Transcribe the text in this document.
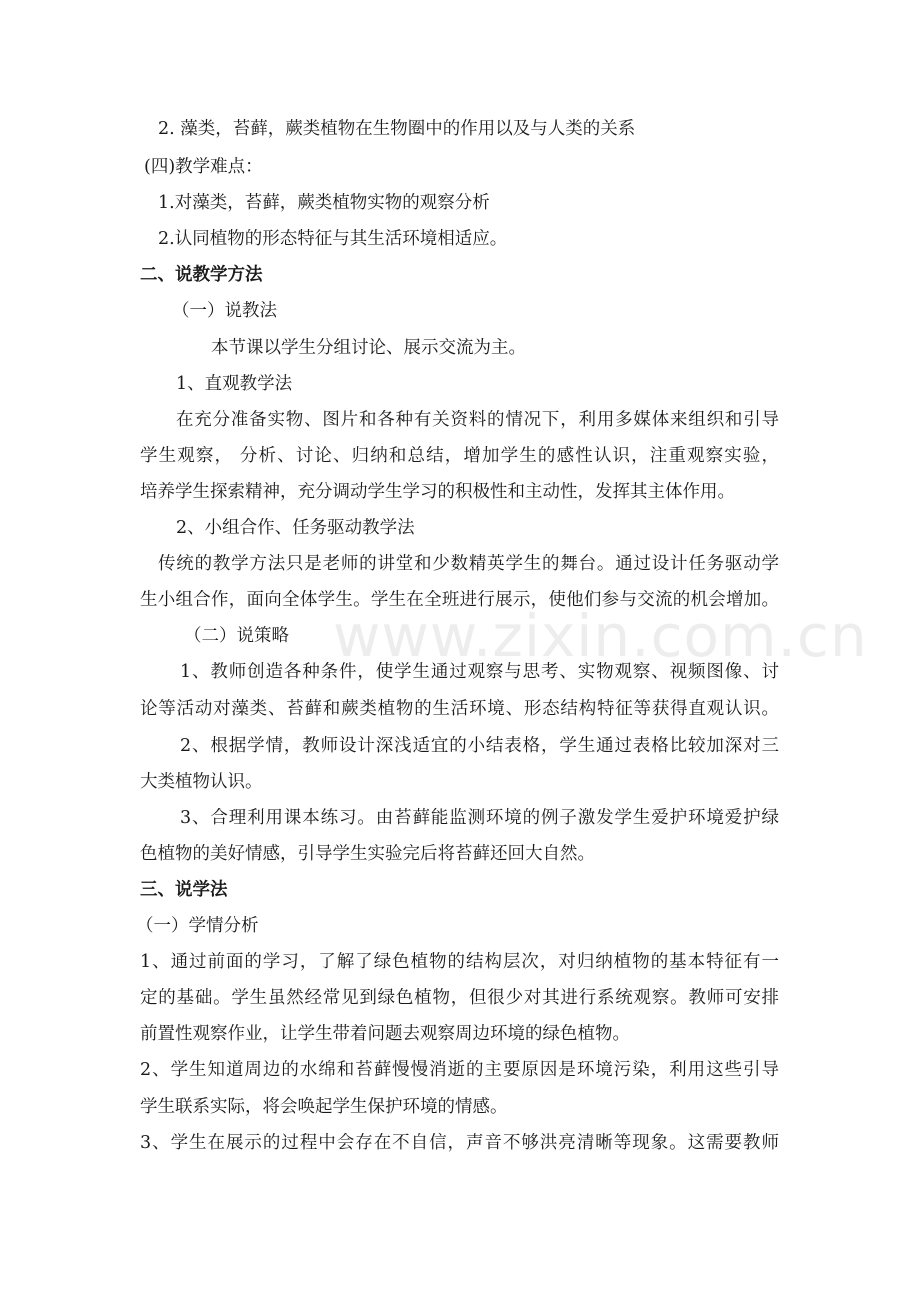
www.zixin.com.cn

2. 藻类，苔藓，蕨类植物在生物圈中的作用以及与人类的关系

(四)教学难点：

1.对藻类，苔藓，蕨类植物实物的观察分析

2.认同植物的形态特征与其生活环境相适应。

二、说教学方法

（一）说教法

本节课以学生分组讨论、展示交流为主。

1、直观教学法

在充分准备实物、图片和各种有关资料的情况下，利用多媒体来组织和引导

学生观察， 分析、讨论、归纳和总结，增加学生的感性认识，注重观察实验，

培养学生探索精神，充分调动学生学习的积极性和主动性，发挥其主体作用。

2、小组合作、任务驱动教学法

传统的教学方法只是老师的讲堂和少数精英学生的舞台。通过设计任务驱动学

生小组合作，面向全体学生。学生在全班进行展示，使他们参与交流的机会增加。

（二）说策略

1、教师创造各种条件，使学生通过观察与思考、实物观察、视频图像、讨

论等活动对藻类、苔藓和蕨类植物的生活环境、形态结构特征等获得直观认识。

2、根据学情，教师设计深浅适宜的小结表格，学生通过表格比较加深对三

大类植物认识。

3、合理利用课本练习。由苔藓能监测环境的例子激发学生爱护环境爱护绿

色植物的美好情感，引导学生实验完后将苔藓还回大自然。

三、说学法

（一）学情分析

1、通过前面的学习，了解了绿色植物的结构层次，对归纳植物的基本特征有一

定的基础。学生虽然经常见到绿色植物，但很少对其进行系统观察。教师可安排

前置性观察作业，让学生带着问题去观察周边环境的绿色植物。

2、学生知道周边的水绵和苔藓慢慢消逝的主要原因是环境污染，利用这些引导

学生联系实际，将会唤起学生保护环境的情感。

3、学生在展示的过程中会存在不自信，声音不够洪亮清晰等现象。这需要教师
